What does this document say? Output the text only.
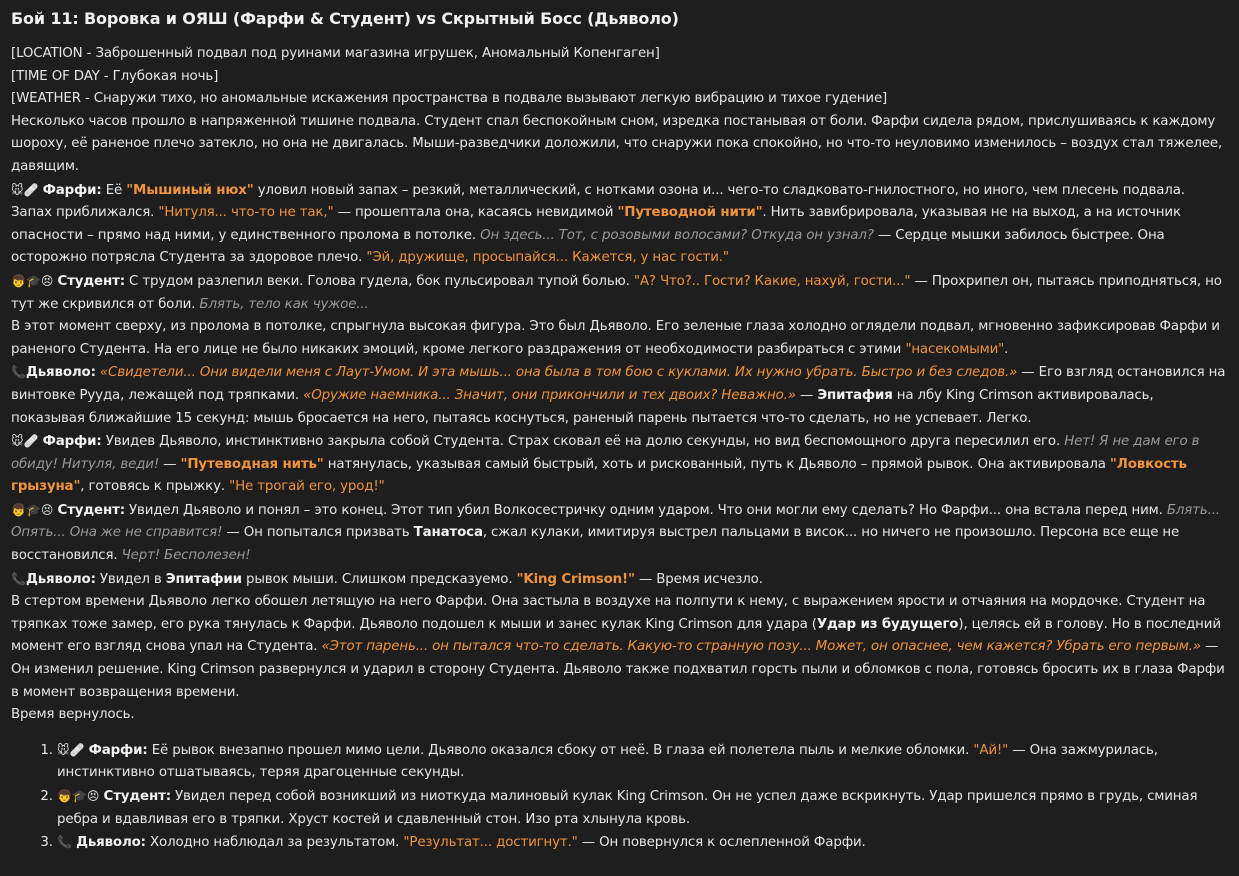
Бой 11: Воровка и ОЯШ (Фарфи & Студент) vs Скрытный Босс (Дьяволо)

[LOCATION - Заброшенный подвал под руинами магазина игрушек, Аномальный Копенгаген]

[TIME OF DAY - Глубокая ночь]

[WEATHER - Снаружи тихо, но аномальные искажения пространства в подвале вызывают легкую вибрацию и тихое гудение]

Несколько часов прошло в напряженной тишине подвала. Студент спал беспокойным сном, изредка постанывая от боли. Фарфи сидела рядом, прислушиваясь к каждому шороху, её раненое плечо затекло, но она не двигалась. Мыши-разведчики доложили, что снаружи пока спокойно, но что-то неуловимо изменилось – воздух стал тяжелее, давящим.

🐭🩹 Фарфи: Её "Мышиный нюх" уловил новый запах – резкий, металлический, с нотками озона и... чего-то сладковато-гнилостного, но иного, чем плесень подвала. Запах приближался. "Нитуля... что-то не так," — прошептала она, касаясь невидимой "Путеводной нити". Нить завибрировала, указывая не на выход, а на источник опасности – прямо над ними, у единственного пролома в потолке. Он здесь... Тот, с розовыми волосами? Откуда он узнал? — Сердце мышки забилось быстрее. Она осторожно потрясла Студента за здоровое плечо. "Эй, дружище, просыпайся... Кажется, у нас гости."

👦🎓😣 Студент: С трудом разлепил веки. Голова гудела, бок пульсировал тупой болью. "А? Что?.. Гости? Какие, нахуй, гости..." — Прохрипел он, пытаясь приподняться, но тут же скривился от боли. Блять, тело как чужое...

В этот момент сверху, из пролома в потолке, спрыгнула высокая фигура. Это был Дьяволо. Его зеленые глаза холодно оглядели подвал, мгновенно зафиксировав Фарфи и раненого Студента. На его лице не было никаких эмоций, кроме легкого раздражения от необходимости разбираться с этими "насекомыми".

📞Дьяволо: «Свидетели... Они видели меня с Лаут-Умом. И эта мышь... она была в том бою с куклами. Их нужно убрать. Быстро и без следов.» — Его взгляд остановился на винтовке Рууда, лежащей под тряпками. «Оружие наемника... Значит, они прикончили и тех двоих? Неважно.» — Эпитафия на лбу King Crimson активировалась, показывая ближайшие 15 секунд: мышь бросается на него, пытаясь коснуться, раненый парень пытается что-то сделать, но не успевает. Легко.

🐭🩹 Фарфи: Увидев Дьяволо, инстинктивно закрыла собой Студента. Страх сковал её на долю секунды, но вид беспомощного друга пересилил его. Нет! Я не дам его в обиду! Нитуля, веди! — "Путеводная нить" натянулась, указывая самый быстрый, хоть и рискованный, путь к Дьяволо – прямой рывок. Она активировала "Ловкость грызуна", готовясь к прыжку. "Не трогай его, урод!"

👦🎓😣 Студент: Увидел Дьяволо и понял – это конец. Этот тип убил Волкосестричку одним ударом. Что они могли ему сделать? Но Фарфи... она встала перед ним. Блять... Опять... Она же не справится! — Он попытался призвать Танатоса, сжал кулаки, имитируя выстрел пальцами в висок... но ничего не произошло. Персона все еще не восстановился. Черт! Бесполезен!

📞Дьяволо: Увидел в Эпитафии рывок мыши. Слишком предсказуемо. "King Crimson!" — Время исчезло.

В стертом времени Дьяволо легко обошел летящую на него Фарфи. Она застыла в воздухе на полпути к нему, с выражением ярости и отчаяния на мордочке. Студент на тряпках тоже замер, его рука тянулась к Фарфи. Дьяволо подошел к мыши и занес кулак King Crimson для удара (Удар из будущего), целясь ей в голову. Но в последний момент его взгляд снова упал на Студента. «Этот парень... он пытался что-то сделать. Какую-то странную позу... Может, он опаснее, чем кажется? Убрать его первым.» — Он изменил решение. King Crimson развернулся и ударил в сторону Студента. Дьяволо также подхватил горсть пыли и обломков с пола, готовясь бросить их в глаза Фарфи в момент возвращения времени.

Время вернулось.

1. 🐭🩹 Фарфи: Её рывок внезапно прошел мимо цели. Дьяволо оказался сбоку от неё. В глаза ей полетела пыль и мелкие обломки. "Ай!" — Она зажмурилась, инстинктивно отшатываясь, теряя драгоценные секунды.
2. 👦🎓😣 Студент: Увидел перед собой возникший из ниоткуда малиновый кулак King Crimson. Он не успел даже вскрикнуть. Удар пришелся прямо в грудь, сминая ребра и вдавливая его в тряпки. Хруст костей и сдавленный стон. Изо рта хлынула кровь.
3. 📞 Дьяволо: Холодно наблюдал за результатом. "Результат... достигнут." — Он повернулся к ослепленной Фарфи.
